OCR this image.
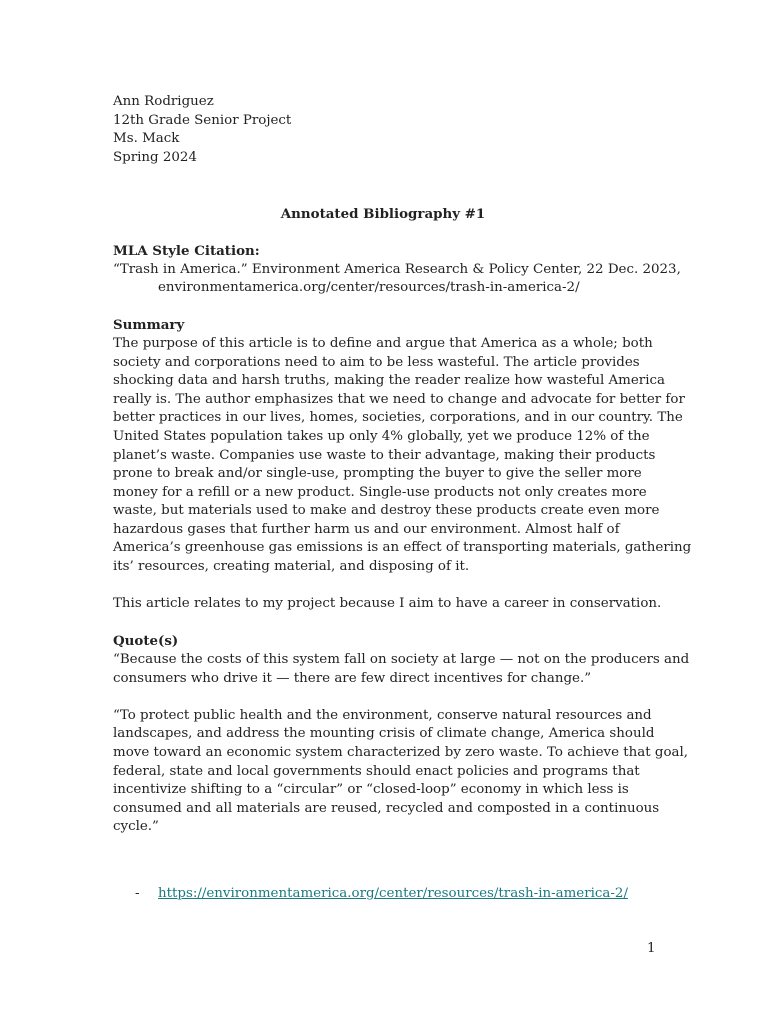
Ann Rodriguez
12th Grade Senior Project
Ms. Mack
Spring 2024
Annotated Bibliography #1
MLA Style Citation:
“Trash in America.” Environment America Research & Policy Center, 22 Dec. 2023,
environmentamerica.org/center/resources/trash-in-america-2/
Summary
The purpose of this article is to define and argue that America as a whole; both
society and corporations need to aim to be less wasteful. The article provides
shocking data and harsh truths, making the reader realize how wasteful America
really is. The author emphasizes that we need to change and advocate for better for
better practices in our lives, homes, societies, corporations, and in our country. The
United States population takes up only 4% globally, yet we produce 12% of the
planet’s waste. Companies use waste to their advantage, making their products
prone to break and/or single-use, prompting the buyer to give the seller more
money for a refill or a new product. Single-use products not only creates more
waste, but materials used to make and destroy these products create even more
hazardous gases that further harm us and our environment. Almost half of
America’s greenhouse gas emissions is an effect of transporting materials, gathering
its’ resources, creating material, and disposing of it.
This article relates to my project because I aim to have a career in conservation.
Quote(s)
“Because the costs of this system fall on society at large — not on the producers and
consumers who drive it — there are few direct incentives for change.”
“To protect public health and the environment, conserve natural resources and
landscapes, and address the mounting crisis of climate change, America should
move toward an economic system characterized by zero waste. To achieve that goal,
federal, state and local governments should enact policies and programs that
incentivize shifting to a “circular” or “closed-loop” economy in which less is
consumed and all materials are reused, recycled and composted in a continuous
cycle.”
- https://environmentamerica.org/center/resources/trash-in-america-2/
1
